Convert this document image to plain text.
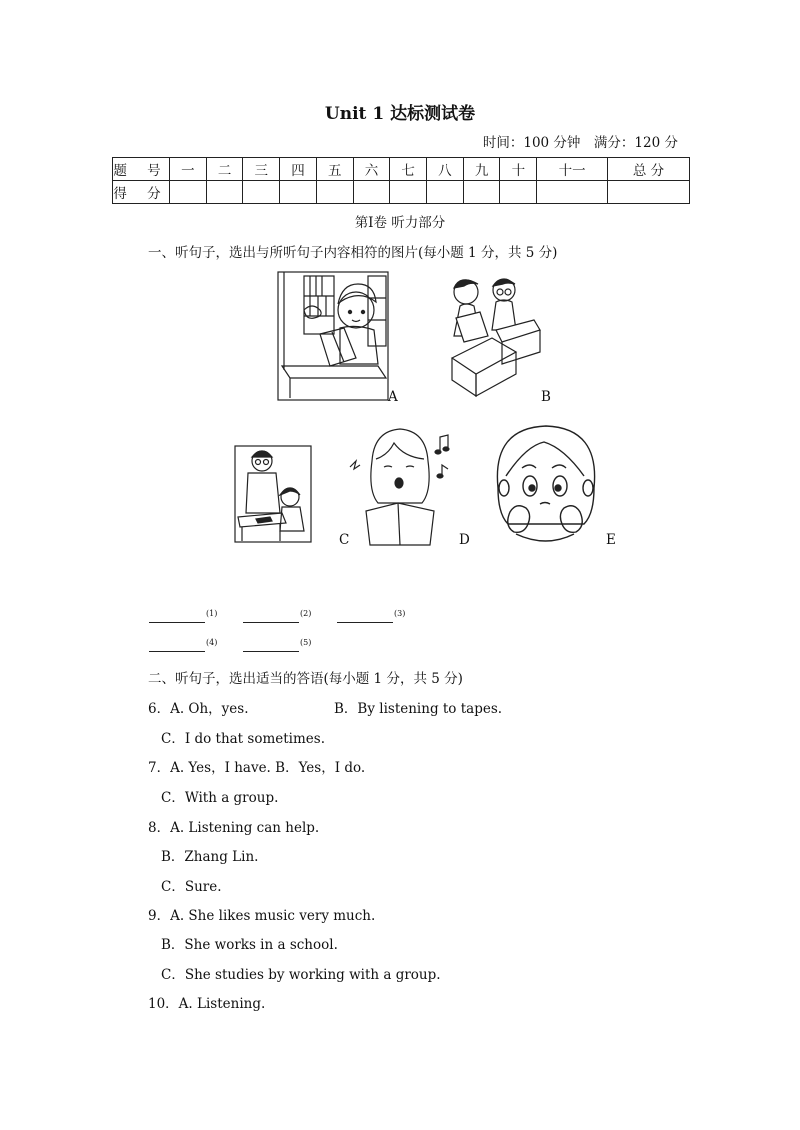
Unit 1 达标测试卷
时间：100 分钟　满分：120 分
题 号	一	二	三	四	五	六	七	八	九	十	十一	总 分
得 分												
第Ⅰ卷 听力部分
一、听句子，选出与所听句子内容相符的图片(每小题 1 分，共 5 分)
A	B
C	D	E
(1)	(2)	(3)
(4)	(5)
二、听句子，选出适当的答语(每小题 1 分，共 5 分)
6．A. Oh，yes.	B．By listening to tapes.
C．I do that sometimes.
7．A. Yes，I have. B．Yes，I do.
C．With a group.
8．A. Listening can help.
B．Zhang Lin.
C．Sure.
9．A. She likes music very much.
B．She works in a school.
C．She studies by working with a group.
10．A. Listening.
